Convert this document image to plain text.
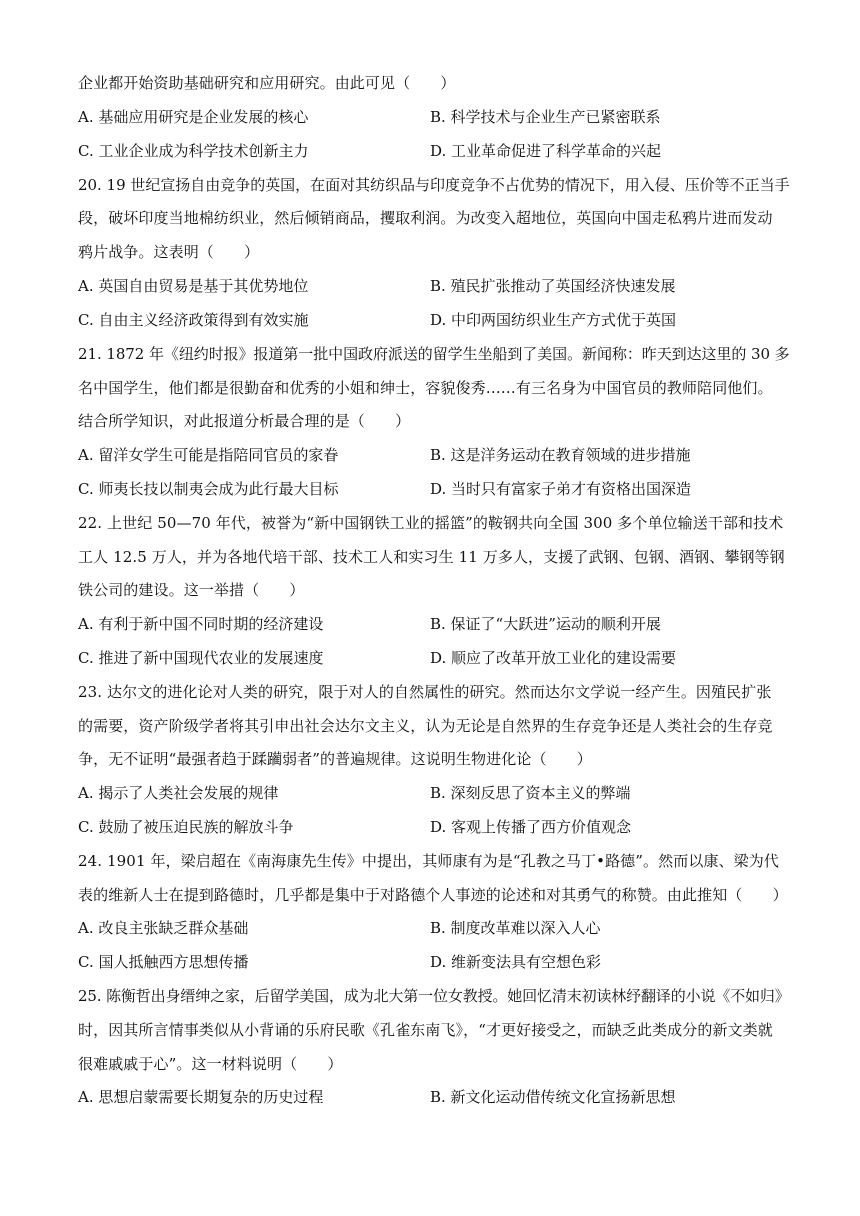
企业都开始资助基础研究和应用研究。由此可见（　　）
A. 基础应用研究是企业发展的核心	B. 科学技术与企业生产已紧密联系
C. 工业企业成为科学技术创新主力	D. 工业革命促进了科学革命的兴起
20. 19 世纪宣扬自由竞争的英国，在面对其纺织品与印度竞争不占优势的情况下，用入侵、压价等不正当手
段，破坏印度当地棉纺织业，然后倾销商品，攫取利润。为改变入超地位，英国向中国走私鸦片进而发动
鸦片战争。这表明（　　）
A. 英国自由贸易是基于其优势地位	B. 殖民扩张推动了英国经济快速发展
C. 自由主义经济政策得到有效实施	D. 中印两国纺织业生产方式优于英国
21. 1872 年《纽约时报》报道第一批中国政府派送的留学生坐船到了美国。新闻称：昨天到达这里的 30 多
名中国学生，他们都是很勤奋和优秀的小姐和绅士，容貌俊秀……有三名身为中国官员的教师陪同他们。
结合所学知识，对此报道分析最合理的是（　　）
A. 留洋女学生可能是指陪同官员的家眷	B. 这是洋务运动在教育领域的进步措施
C. 师夷长技以制夷会成为此行最大目标	D. 当时只有富家子弟才有资格出国深造
22. 上世纪 50—70 年代，被誉为“新中国钢铁工业的摇篮”的鞍钢共向全国 300 多个单位输送干部和技术
工人 12.5 万人，并为各地代培干部、技术工人和实习生 11 万多人，支援了武钢、包钢、酒钢、攀钢等钢
铁公司的建设。这一举措（　　）
A. 有利于新中国不同时期的经济建设	B. 保证了“大跃进”运动的顺利开展
C. 推进了新中国现代农业的发展速度	D. 顺应了改革开放工业化的建设需要
23. 达尔文的进化论对人类的研究，限于对人的自然属性的研究。然而达尔文学说一经产生。因殖民扩张
的需要，资产阶级学者将其引申出社会达尔文主义，认为无论是自然界的生存竞争还是人类社会的生存竞
争，无不证明“最强者趋于蹂躏弱者”的普遍规律。这说明生物进化论（　　）
A. 揭示了人类社会发展的规律	B. 深刻反思了资本主义的弊端
C. 鼓励了被压迫民族的解放斗争	D. 客观上传播了西方价值观念
24. 1901 年，梁启超在《南海康先生传》中提出，其师康有为是“孔教之马丁•路德”。然而以康、梁为代
表的维新人士在提到路德时，几乎都是集中于对路德个人事迹的论述和对其勇气的称赞。由此推知（　　）
A. 改良主张缺乏群众基础	B. 制度改革难以深入人心
C. 国人抵触西方思想传播	D. 维新变法具有空想色彩
25. 陈衡哲出身缙绅之家，后留学美国，成为北大第一位女教授。她回忆清末初读林纾翻译的小说《不如归》
时，因其所言情事类似从小背诵的乐府民歌《孔雀东南飞》，“才更好接受之，而缺乏此类成分的新文类就
很难戚戚于心”。这一材料说明（　　）
A. 思想启蒙需要长期复杂的历史过程	B. 新文化运动借传统文化宣扬新思想
